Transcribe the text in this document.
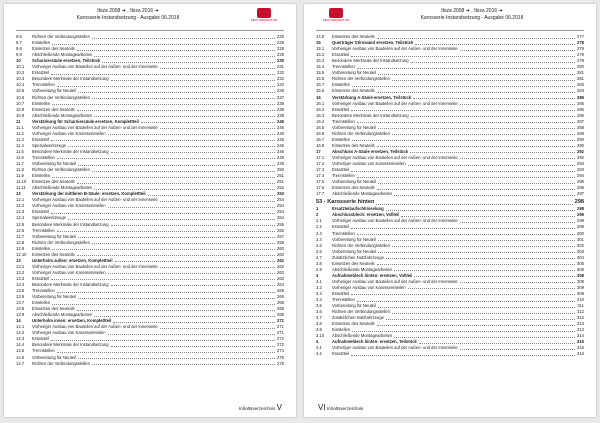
Ibiza 2008 ➔ , Ibiza 2016 ➔
Karosserie-Instandsetzung - Ausgabe 06.2018	SEAT REPARATUR
9.6	Richten der Verbindungsstellen	225
9.7	Einstellen	228
9.8	Einsetzen des Neuteils	228
9.9	Abschließende Montagearbeiten	229
10	Scharniersäule ersetzen, Teilstück	230
10.1	Vorheriger Ausbau von Bauteilen auf der Außen- und der Innenseite	231
10.2	Ersatzteil	232
10.3	Besondere Merkmale der Instandsetzung	232
10.4	Trennstellen	234
10.5	Vorbereitung für Neuteil	236
10.6	Richten der Verbindungsstellen	237
10.7	Einstellen	238
10.8	Einsetzen des Neuteils	238
10.9	Abschließende Montagearbeiten	239
11	Verstärkung für Scharniersäule ersetzen, Komplettteil	246
11.1	Vorheriger Ausbau von Bauteilen auf der Außen- und der Innenseite	246
11.2	Vorheriger Ausbau von Karosserieteilen	246
11.3	Ersatzteil	246
11.4	Spezialwerkzeuge	246
11.5	Besondere Merkmale der Instandsetzung	246
11.6	Trennstellen	248
11.7	Vorbereitung für Neuteil	249
11.8	Richten der Verbindungsstellen	250
11.9	Einstellen	251
11.10	Einsetzen des Neuteils	251
11.11	Abschließende Montagearbeiten	252
12	Verstärkung der mittleren B-Säule: ersetzen, Komplettteil	253
12.1	Vorheriger Ausbau von Bauteilen auf der Außen- und der Innenseite	254
12.2	Vorheriger Ausbau von Karosserieteilen	254
12.3	Ersatzteil	254
12.4	Spezialwerkzeuge	254
12.5	Besondere Merkmale der Instandsetzung	255
12.6	Trennstellen	256
12.7	Vorbereitung für Neuteil	257
12.8	Richten der Verbindungsstellen	258
12.9	Einstellen	260
12.10	Einsetzen des Neuteils	260
13	Unterholm außen: ersetzen, Komplettteil	262
13.1	Vorheriger Ausbau von Bauteilen auf der Außen- und der Innenseite	262
13.2	Vorheriger Ausbau von Karosserieteilen	263
13.3	Ersatzteil	263
13.4	Besondere Merkmale der Instandsetzung	264
13.5	Trennstellen	265
13.6	Vorbereitung für Neuteil	266
13.7	Einstellen	268
13.8	Einsetzen des Neuteils	268
13.9	Abschließende Montagearbeiten	269
14	Unterholm innen: ersetzen, Komplettteil	271
14.1	Vorheriger Ausbau von Bauteilen auf der Außen- und der Innenseite	271
14.2	Vorheriger Ausbau von Karosserieteilen	271
14.3	Ersatzteil	272
14.4	Besondere Merkmale der Instandsetzung	272
14.5	Trennstellen	274
14.6	Vorbereitung für Neuteil	275
14.7	Richten der Verbindungsstellen	276
Inhaltsverzeichnis V
SEAT REPARATUR
Ibiza 2008 ➔ , Ibiza 2016 ➔
Karosserie-Instandsetzung - Ausgabe 06.2018
14.8	Einsetzen des Neuteils	277
15	Querträger Stirnwand ersetzen, Teilstück	278
15.1	Vorheriger Ausbau von Bauteilen auf der Außen- und der Innenseite	279
15.2	Ersatzteil	279
15.3	Besondere Merkmale der Instandsetzung	279
15.4	Trennstellen	280
15.5	Vorbereitung für Neuteil	281
15.6	Richten der Verbindungsstellen	281
15.7	Einstellen	283
15.8	Einsetzen des Neuteils	283
16	Verstärkung A-Säule ersetzen, Teilstück	285
16.1	Vorheriger Ausbau von Bauteilen auf der Außen- und der Innenseite	285
16.2	Ersatzteil	285
16.3	Besondere Merkmale der Instandsetzung	286
16.4	Trennstellen	287
16.5	Vorbereitung für Neuteil	288
16.6	Richten der Verbindungsstellen	289
16.7	Einstellen	290
16.8	Einsetzen des Neuteils	290
17	Abschluss A-Säule ersetzen, Teilstück	292
17.1	Vorheriger Ausbau von Bauteilen auf der Außen- und der Innenseite	292
17.2	Vorheriger Ausbau von Karosserieteilen	293
17.3	Ersatzteil	293
17.4	Trennstellen	294
17.5	Vorbereitung für Neuteil	295
17.6	Einsetzen des Neuteils	296
17.7	Abschließende Montagearbeiten	297
53 - Karosserie hinten	298
1	Ersatzteilaufschlüsselung	298
2	Abschlussblech: ersetzen, Vollteil	299
2.1	Vorheriger Ausbau von Bauteilen auf der Außen- und der Innenseite	299
2.2	Ersatzteil	299
2.3	Trennstellen	300
2.4	Vorbereitung für Neuteil	301
2.5	Richten der Verbindungsstellen	302
2.6	Vorbereitung für Neuteil	303
2.7	Zusätzlichen Nutzfahrzeuge	304
2.8	Einsetzen des Neuteils	305
2.9	Abschließende Montagearbeiten	306
3	Aufnahmeblech hinten: ersetzen, Vollteil	308
3.1	Vorheriger Ausbau von Bauteilen auf der Außen- und der Innenseite	308
3.2	Vorheriger Ausbau von Karosserieteilen	309
3.3	Ersatzteil	309
3.4	Trennstellen	310
3.5	Vorbereitung für Neuteil	311
3.6	Richten der Verbindungsstellen	312
3.7	Zusätzlichen Nutzfahrzeuge	312
3.8	Einsetzen des Neuteils	313
3.9	Einstellen	313
3.10	Abschließende Montagearbeiten	314
4	Aufnahmeblech hinten: ersetzen, Teilstück	315
4.1	Vorheriger Ausbau von Bauteilen auf der Außen- und der Innenseite	315
4.2	Ersatzteil	316
VI Inhaltsverzeichnis
